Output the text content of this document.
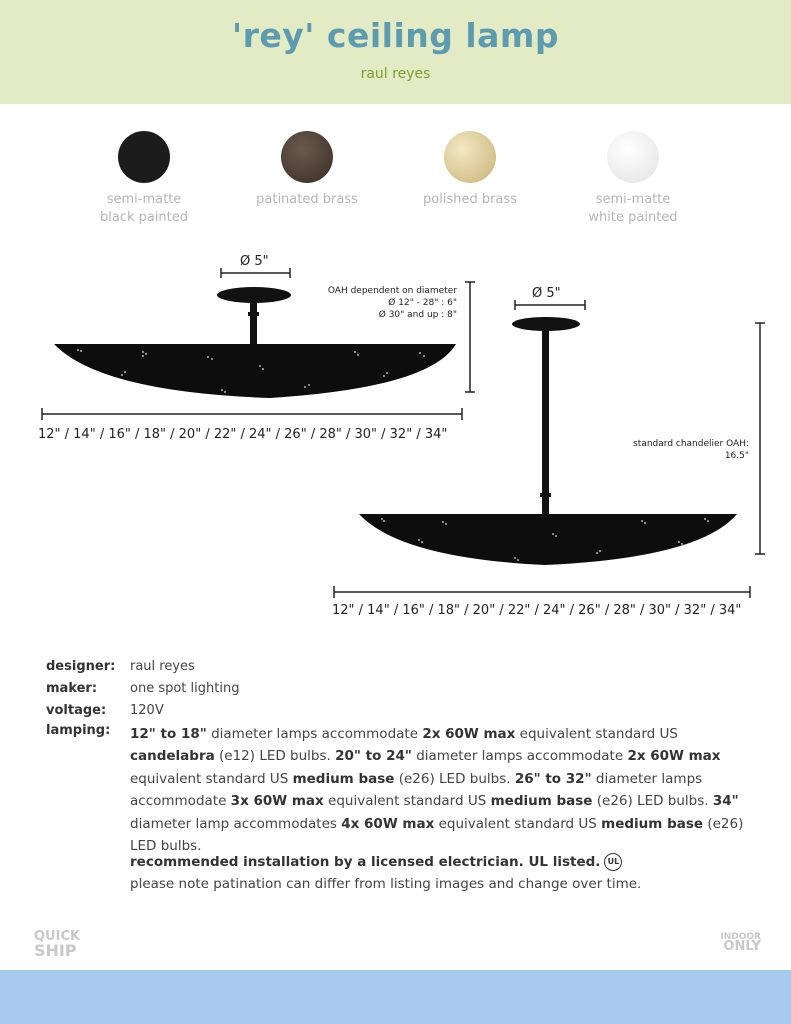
'rey' ceiling lamp
raul reyes
semi-matte
black painted
patinated brass	polished brass	semi-matte
white painted
Ø 5"
OAH dependent on diameter
Ø 12" - 28" : 6"
Ø 30" and up : 8"
12" / 14" / 16" / 18" / 20" / 22" / 24" / 26" / 28" / 30" / 32" / 34"
Ø 5"
standard chandelier OAH:
16.5"
12" / 14" / 16" / 18" / 20" / 22" / 24" / 26" / 28" / 30" / 32" / 34"
designer: raul reyes
maker:	one spot lighting
voltage: 120V
lamping: 12" to 18" diameter lamps accommodate 2x 60W max equivalent standard US candelabra (e12) LED bulbs. 20" to 24" diameter lamps accommodate 2x 60W max equivalent standard US medium base (e26) LED bulbs. 26" to 32" diameter lamps accommodate 3x 60W max equivalent standard US medium base (e26) LED bulbs. 34" diameter lamp accommodates 4x 60W max equivalent standard US medium base (e26) LED bulbs.
recommended installation by a licensed electrician. UL listed. UL
please note patination can differ from listing images and change over time.
QUICK
SHIP
INDOOR
ONLY
